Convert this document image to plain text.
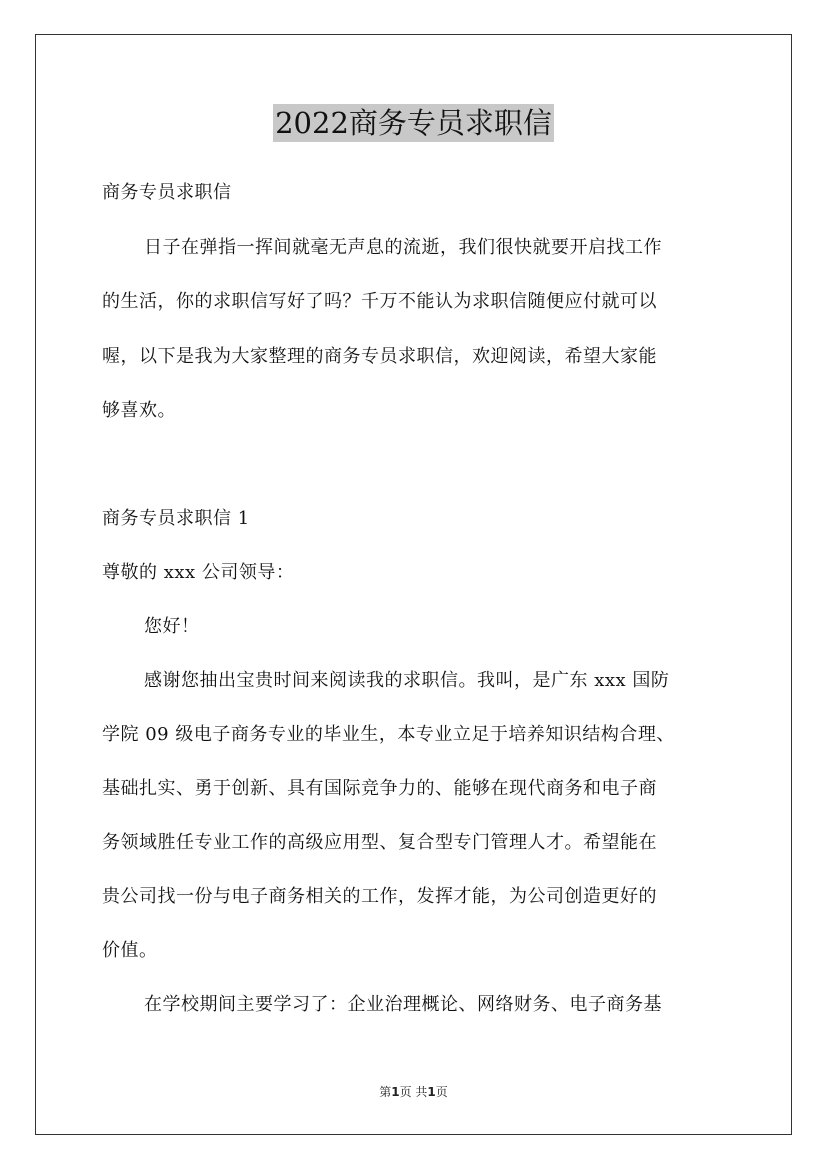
2022商务专员求职信
商务专员求职信
日子在弹指一挥间就毫无声息的流逝，我们很快就要开启找工作
的生活，你的求职信写好了吗？千万不能认为求职信随便应付就可以
喔，以下是我为大家整理的商务专员求职信，欢迎阅读，希望大家能
够喜欢。
商务专员求职信 1
尊敬的 xxx 公司领导：
您好！
感谢您抽出宝贵时间来阅读我的求职信。我叫，是广东 xxx 国防
学院 09 级电子商务专业的毕业生，本专业立足于培养知识结构合理、
基础扎实、勇于创新、具有国际竞争力的、能够在现代商务和电子商
务领域胜任专业工作的高级应用型、复合型专门管理人才。希望能在
贵公司找一份与电子商务相关的工作，发挥才能，为公司创造更好的
价值。
在学校期间主要学习了：企业治理概论、网络财务、电子商务基
第1页 共1页
